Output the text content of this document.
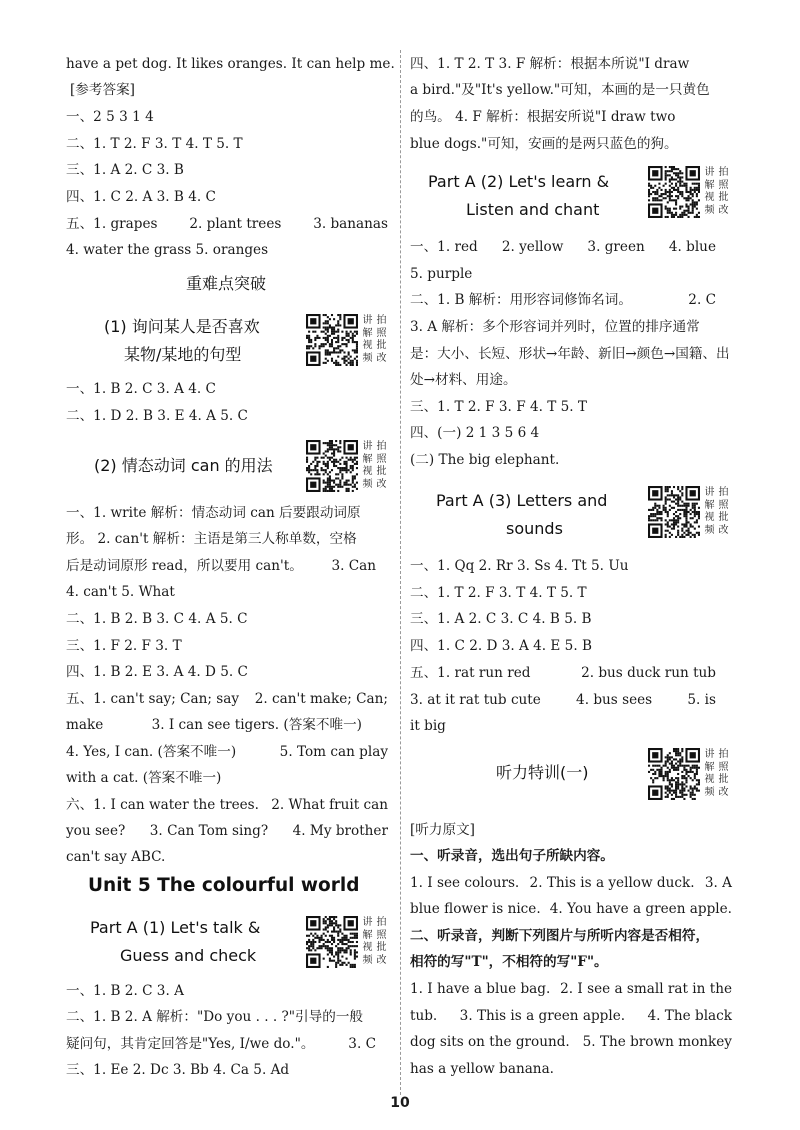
have a pet dog. It likes oranges. It can help me.
[参考答案]
一、2 5 3 1 4
二、1. T 2. F 3. T 4. T 5. T
三、1. A 2. C 3. B
四、1. C 2. A 3. B 4. C
五、1. grapes 2. plant trees 3. bananas
4. water the grass 5. oranges
重难点突破
(1) 询问某人是否喜欢
某物/某地的句型
讲 拍
解 照
视 批
频 改
一、1. B 2. C 3. A 4. C
二、1. D 2. B 3. E 4. A 5. C
(2) 情态动词 can 的用法
讲 拍
解 照
视 批
频 改
一、1. write 解析：情态动词 can 后要跟动词原
形。 2. can't 解析：主语是第三人称单数，空格
后是动词原形 read，所以要用 can't。 3. Can
4. can't 5. What
二、1. B 2. B 3. C 4. A 5. C
三、1. F 2. F 3. T
四、1. B 2. E 3. A 4. D 5. C
五、1. can't say; Can; say 2. can't make; Can;
make	3. I can see tigers. (答案不唯一)
4. Yes, I can. (答案不唯一)	5. Tom can play
with a cat. (答案不唯一)
六、1. I can water the trees. 2. What fruit can
you see? 3. Can Tom sing? 4. My brother
can't say ABC.
Unit 5 The colourful world
Part A (1) Let's talk &
Guess and check
讲 拍
解 照
视 批
频 改
一、1. B 2. C 3. A
二、1. B 2. A 解析："Do you . . . ?"引导的一般
疑问句，其肯定回答是"Yes, I/we do."。 3. C
三、1. Ee 2. Dc 3. Bb 4. Ca 5. Ad
四、1. T 2. T 3. F 解析：根据本所说"I draw
a bird."及"It's yellow."可知，本画的是一只黄色
的鸟。 4. F 解析：根据安所说"I draw two
blue dogs."可知，安画的是两只蓝色的狗。
Part A (2) Let's learn &
Listen and chant
讲 拍
解 照
视 批
频 改
一、1. red 2. yellow 3. green 4. blue
5. purple
二、1. B 解析：用形容词修饰名词。	2. C
3. A 解析：多个形容词并列时，位置的排序通常
是：大小、长短、形状→年龄、新旧→颜色→国籍、出
处→材料、用途。
三、1. T 2. F 3. F 4. T 5. T
四、(一) 2 1 3 5 6 4
(二) The big elephant.
Part A (3) Letters and
sounds
讲 拍
解 照
视 批
频 改
一、1. Qq 2. Rr 3. Ss 4. Tt 5. Uu
二、1. T 2. F 3. T 4. T 5. T
三、1. A 2. C 3. C 4. B 5. B
四、1. C 2. D 3. A 4. E 5. B
五、1. rat run red	2. bus duck run tub
3. at it rat tub cute	4. bus sees	5. is
it big
听力特训(一)
讲 拍
解 照
视 批
频 改
[听力原文]
一、听录音，选出句子所缺内容。
1. I see colours. 2. This is a yellow duck. 3. A
blue flower is nice. 4. You have a green apple.
二、听录音，判断下列图片与所听内容是否相符，
相符的写"T"，不相符的写"F"。
1. I have a blue bag. 2. I see a small rat in the
tub. 3. This is a green apple. 4. The black
dog sits on the ground. 5. The brown monkey
has a yellow banana.
10
